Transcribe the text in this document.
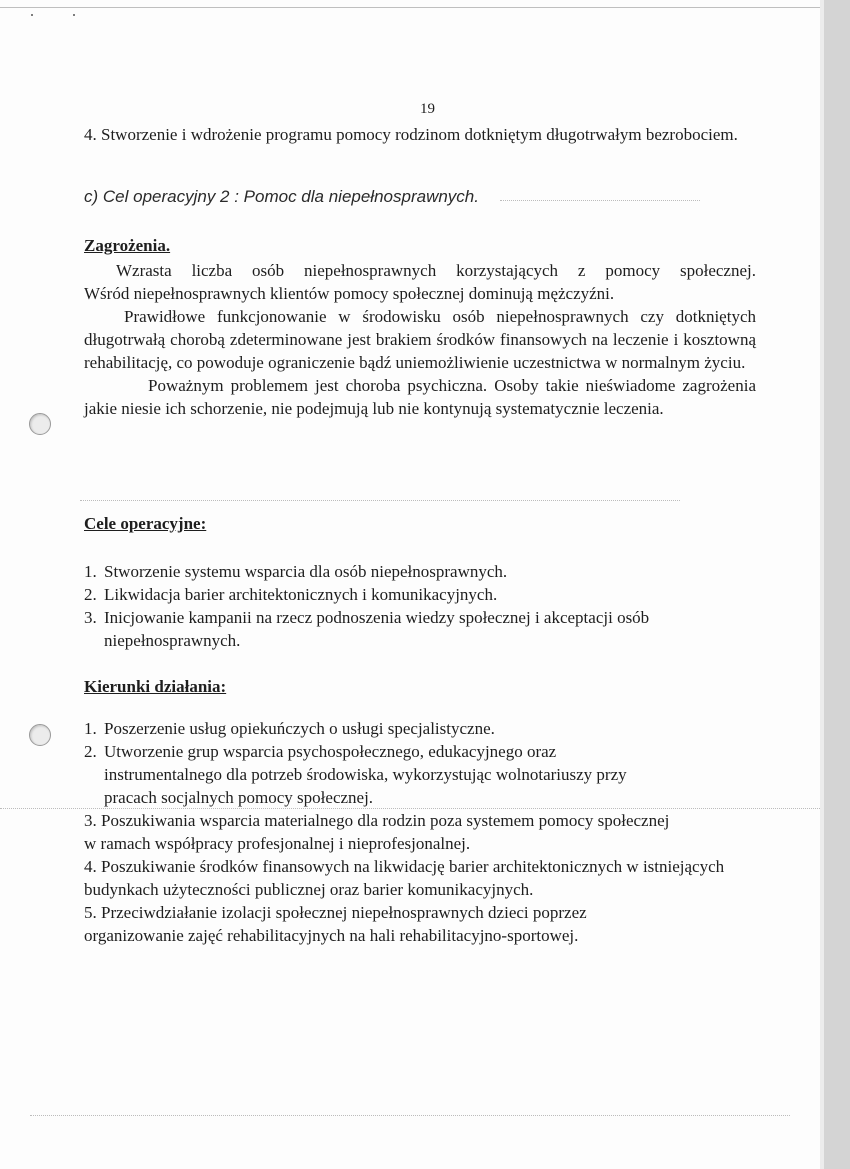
19
4. Stworzenie i wdrożenie programu pomocy rodzinom dotkniętym długotrwałym bezrobociem.
c) Cel operacyjny 2 : Pomoc dla niepełnosprawnych.
Zagrożenia.
Wzrasta liczba osób niepełnosprawnych korzystających z pomocy społecznej.
Wśród niepełnosprawnych klientów pomocy społecznej dominują mężczyźni.
Prawidłowe funkcjonowanie w środowisku osób niepełnosprawnych czy dotkniętych długotrwałą chorobą zdeterminowane jest brakiem środków finansowych na leczenie i kosztowną rehabilitację, co powoduje ograniczenie bądź uniemożliwienie uczestnictwa w normalnym życiu.
Poważnym problemem jest choroba psychiczna. Osoby takie nieświadome zagrożenia jakie niesie ich schorzenie, nie podejmują lub nie kontynują systematycznie leczenia.
Cele operacyjne:
1. Stworzenie systemu wsparcia dla osób niepełnosprawnych.
2. Likwidacja barier architektonicznych i komunikacyjnych.
3. Inicjowanie kampanii na rzecz podnoszenia wiedzy społecznej i akceptacji osób niepełnosprawnych.
Kierunki działania:
1. Poszerzenie usług opiekuńczych o usługi specjalistyczne.
2. Utworzenie grup wsparcia psychospołecznego, edukacyjnego oraz instrumentalnego dla potrzeb środowiska, wykorzystując wolnotariuszy przy pracach socjalnych pomocy społecznej.
3. Poszukiwania wsparcia materialnego dla rodzin poza systemem pomocy społecznej w ramach współpracy profesjonalnej i nieprofesjonalnej.
4. Poszukiwanie środków finansowych na likwidację barier architektonicznych w istniejących budynkach użyteczności publicznej oraz barier komunikacyjnych.
5. Przeciwdziałanie izolacji społecznej niepełnosprawnych dzieci poprzez organizowanie zajęć rehabilitacyjnych na hali rehabilitacyjno-sportowej.
